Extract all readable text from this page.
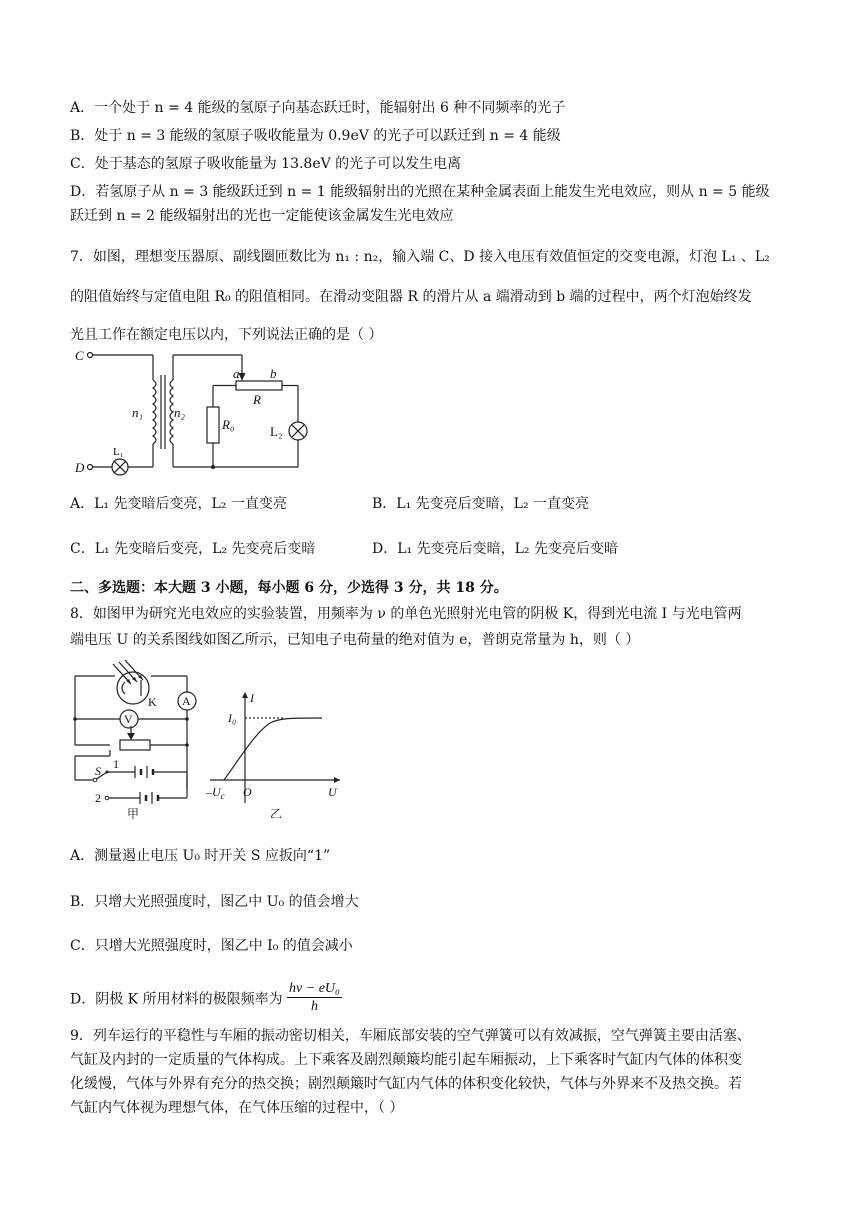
A．一个处于 n = 4 能级的氢原子向基态跃迁时，能辐射出 6 种不同频率的光子
B．处于 n = 3 能级的氢原子吸收能量为 0.9eV 的光子可以跃迁到 n = 4 能级
C．处于基态的氢原子吸收能量为 13.8eV 的光子可以发生电离
D．若氢原子从 n = 3 能级跃迁到 n = 1 能级辐射出的光照在某种金属表面上能发生光电效应，则从 n = 5 能级
跃迁到 n = 2 能级辐射出的光也一定能使该金属发生光电效应
7．如图，理想变压器原、副线圈匝数比为 n₁ : n₂，输入端 C、D 接入电压有效值恒定的交变电源，灯泡 L₁ 、L₂
的阻值始终与定值电阻 R₀ 的阻值相同。在滑动变阻器 R 的滑片从 a 端滑动到 b 端的过程中，两个灯泡始终发
光且工作在额定电压以内，下列说法正确的是（ ）
C
D
n₁ n₂
a b
R
R₀	L₂
L₁
A．L₁ 先变暗后变亮，L₂ 一直变亮	B．L₁ 先变亮后变暗，L₂ 一直变亮
C．L₁ 先变暗后变亮，L₂ 先变亮后变暗	D．L₁ 先变亮后变暗，L₂ 先变亮后变暗
二、多选题：本大题 3 小题，每小题 6 分，少选得 3 分，共 18 分。
8．如图甲为研究光电效应的实验装置，用频率为 ν 的单色光照射光电管的阴极 K，得到光电流 I 与光电管两
端电压 U 的关系图线如图乙所示，已知电子电荷量的绝对值为 e，普朗克常量为 h，则（ ）
K A
V
S 1
2
甲
I
I₀
$-U_c$ O	U
乙
A．测量遏止电压 U₀ 时开关 S 应扳向“1”
B．只增大光照强度时，图乙中 U₀ 的值会增大
C．只增大光照强度时，图乙中 I₀ 的值会减小
D．阴极 K 所用材料的极限频率为 $\frac{\text{hν − eU₀}}{h}$
9．列车运行的平稳性与车厢的振动密切相关，车厢底部安装的空气弹簧可以有效减振，空气弹簧主要由活塞、
气缸及内封的一定质量的气体构成。上下乘客及剧烈颠簸均能引起车厢振动，上下乘客时气缸内气体的体积变
化缓慢，气体与外界有充分的热交换；剧烈颠簸时气缸内气体的体积变化较快，气体与外界来不及热交换。若
气缸内气体视为理想气体，在气体压缩的过程中，（ ）
